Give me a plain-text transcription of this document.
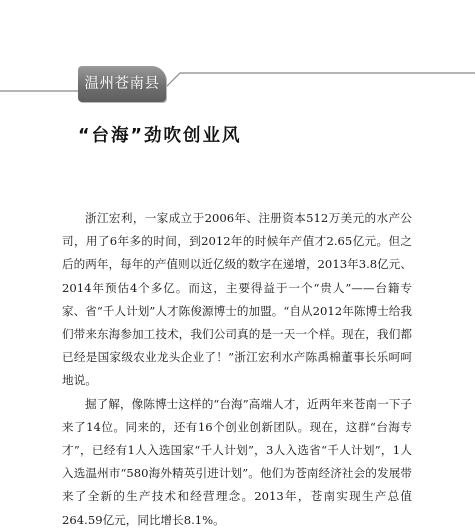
温州苍南县
“台海”劲吹创业风

浙江宏利，一家成立于2006年、注册资本512万美元的水产公司，用了6年多的时间，到2012年的时候年产值才2.65亿元。但之后的两年，每年的产值则以近亿级的数字在递增，2013年3.8亿元、2014年预估4个多亿。而这，主要得益于一个“贵人”——台籍专家、省“千人计划”人才陈俊源博士的加盟。“自从2012年陈博士给我们带来东海参加工技术，我们公司真的是一天一个样。现在，我们都已经是国家级农业龙头企业了！”浙江宏利水产陈禹棉董事长乐呵呵地说。

掘了解，像陈博士这样的“台海”高端人才，近两年来苍南一下子来了14位。同来的，还有16个创业创新团队。现在，这群“台海专才”，已经有1人入选国家“千人计划”，3人入选省“千人计划”，1人入选温州市“580海外精英引进计划”。他们为苍南经济社会的发展带来了全新的生产技术和经营理念。2013年，苍南实现生产总值264.59亿元，同比增长8.1%。
